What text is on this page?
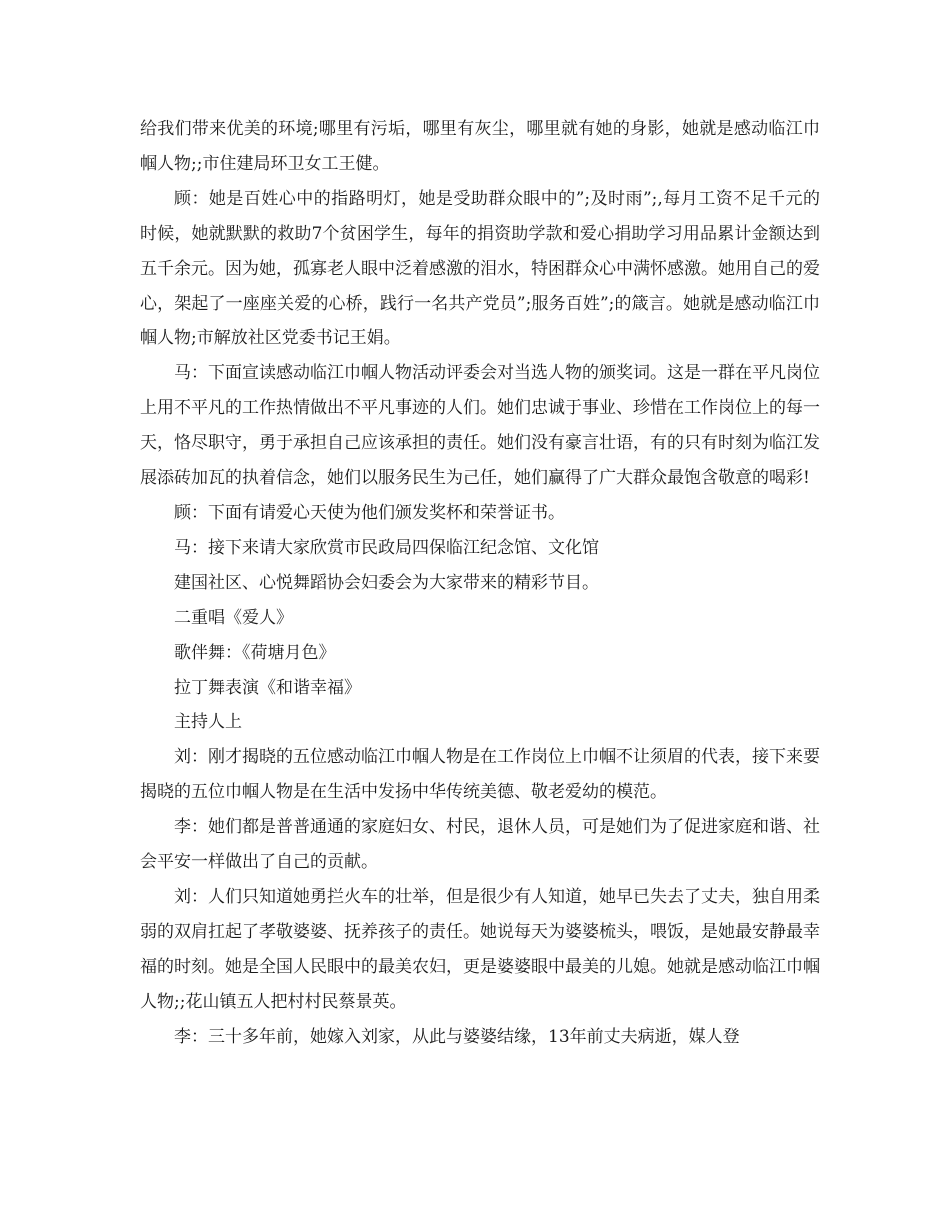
给我们带来优美的环境;哪里有污垢，哪里有灰尘，哪里就有她的身影，她就是感动临江巾帼人物;;市住建局环卫女工王健。

顾：她是百姓心中的指路明灯，她是受助群众眼中的”;及时雨”;,每月工资不足千元的时候，她就默默的救助7个贫困学生，每年的捐资助学款和爱心捐助学习用品累计金额达到五千余元。因为她，孤寡老人眼中泛着感激的泪水，特困群众心中满怀感激。她用自己的爱心，架起了一座座关爱的心桥，践行一名共产党员”;服务百姓”;的箴言。她就是感动临江巾帼人物;市解放社区党委书记王娟。

马：下面宣读感动临江巾帼人物活动评委会对当选人物的颁奖词。这是一群在平凡岗位上用不平凡的工作热情做出不平凡事迹的人们。她们忠诚于事业、珍惜在工作岗位上的每一天，恪尽职守，勇于承担自己应该承担的责任。她们没有豪言壮语，有的只有时刻为临江发展添砖加瓦的执着信念，她们以服务民生为己任，她们赢得了广大群众最饱含敬意的喝彩!

顾：下面有请爱心天使为他们颁发奖杯和荣誉证书。

马：接下来请大家欣赏市民政局四保临江纪念馆、文化馆

建国社区、心悦舞蹈协会妇委会为大家带来的精彩节目。

二重唱《爱人》

歌伴舞：《荷塘月色》

拉丁舞表演《和谐幸福》

主持人上

刘：刚才揭晓的五位感动临江巾帼人物是在工作岗位上巾帼不让须眉的代表，接下来要揭晓的五位巾帼人物是在生活中发扬中华传统美德、敬老爱幼的模范。

李：她们都是普普通通的家庭妇女、村民，退休人员，可是她们为了促进家庭和谐、社会平安一样做出了自己的贡献。

刘：人们只知道她勇拦火车的壮举，但是很少有人知道，她早已失去了丈夫，独自用柔弱的双肩扛起了孝敬婆婆、抚养孩子的责任。她说每天为婆婆梳头，喂饭，是她最安静最幸福的时刻。她是全国人民眼中的最美农妇，更是婆婆眼中最美的儿媳。她就是感动临江巾帼人物;;花山镇五人把村村民蔡景英。

李：三十多年前，她嫁入刘家，从此与婆婆结缘，13年前丈夫病逝，媒人登
